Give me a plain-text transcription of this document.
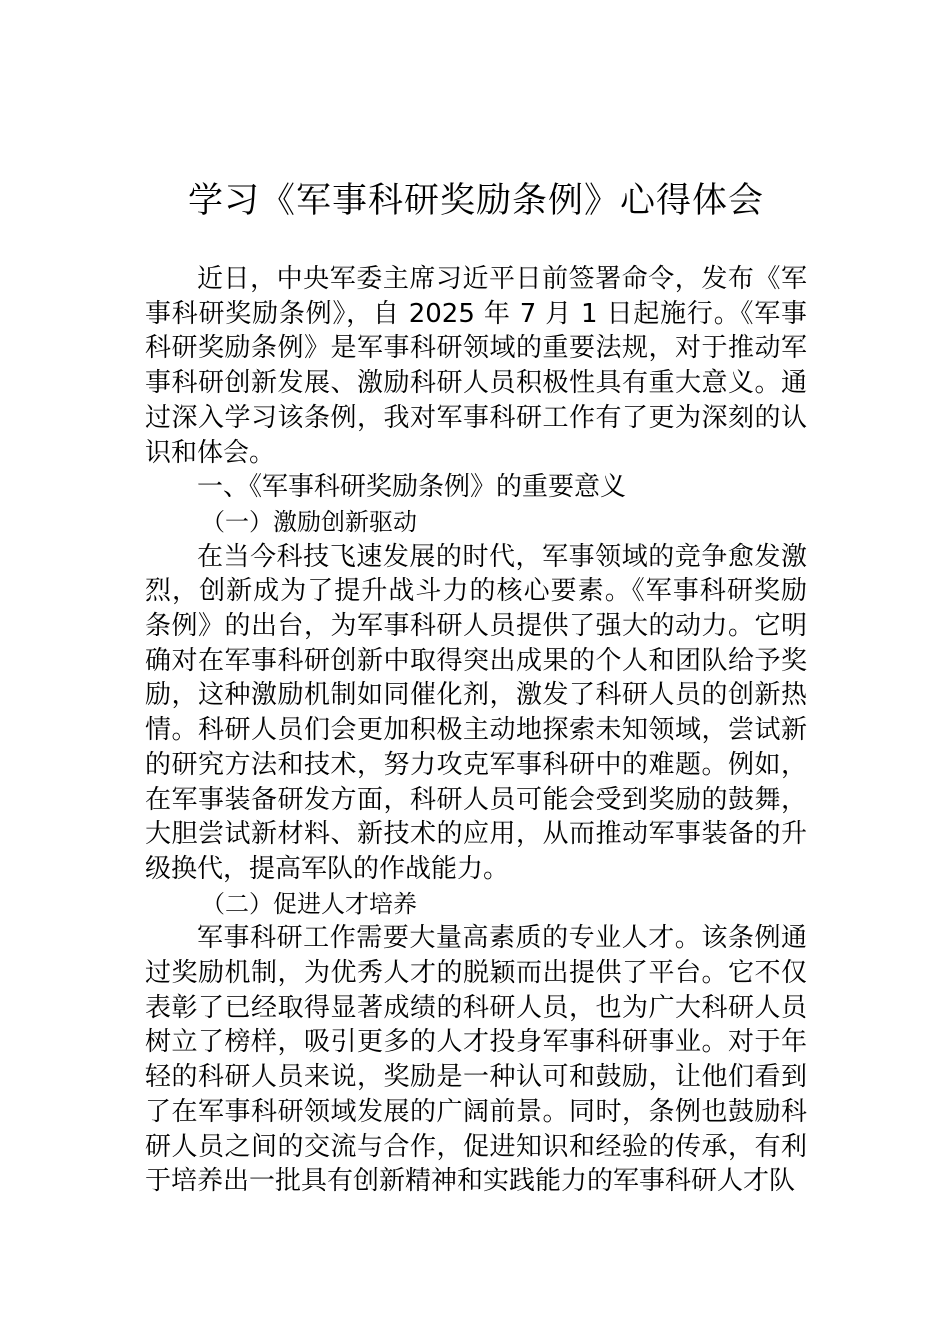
学习《军事科研奖励条例》心得体会

近日，中央军委主席习近平日前签署命令，发布《军事科研奖励条例》，自 2025 年 7 月 1 日起施行。《军事科研奖励条例》是军事科研领域的重要法规，对于推动军事科研创新发展、激励科研人员积极性具有重大意义。通过深入学习该条例，我对军事科研工作有了更为深刻的认识和体会。

一、《军事科研奖励条例》的重要意义

（一）激励创新驱动

在当今科技飞速发展的时代，军事领域的竞争愈发激烈，创新成为了提升战斗力的核心要素。《军事科研奖励条例》的出台，为军事科研人员提供了强大的动力。它明确对在军事科研创新中取得突出成果的个人和团队给予奖励，这种激励机制如同催化剂，激发了科研人员的创新热情。科研人员们会更加积极主动地探索未知领域，尝试新的研究方法和技术，努力攻克军事科研中的难题。例如，在军事装备研发方面，科研人员可能会受到奖励的鼓舞，大胆尝试新材料、新技术的应用，从而推动军事装备的升级换代，提高军队的作战能力。

（二）促进人才培养

军事科研工作需要大量高素质的专业人才。该条例通过奖励机制，为优秀人才的脱颖而出提供了平台。它不仅表彰了已经取得显著成绩的科研人员，也为广大科研人员树立了榜样，吸引更多的人才投身军事科研事业。对于年轻的科研人员来说，奖励是一种认可和鼓励，让他们看到了在军事科研领域发展的广阔前景。同时，条例也鼓励科研人员之间的交流与合作，促进知识和经验的传承，有利于培养出一批具有创新精神和实践能力的军事科研人才队
